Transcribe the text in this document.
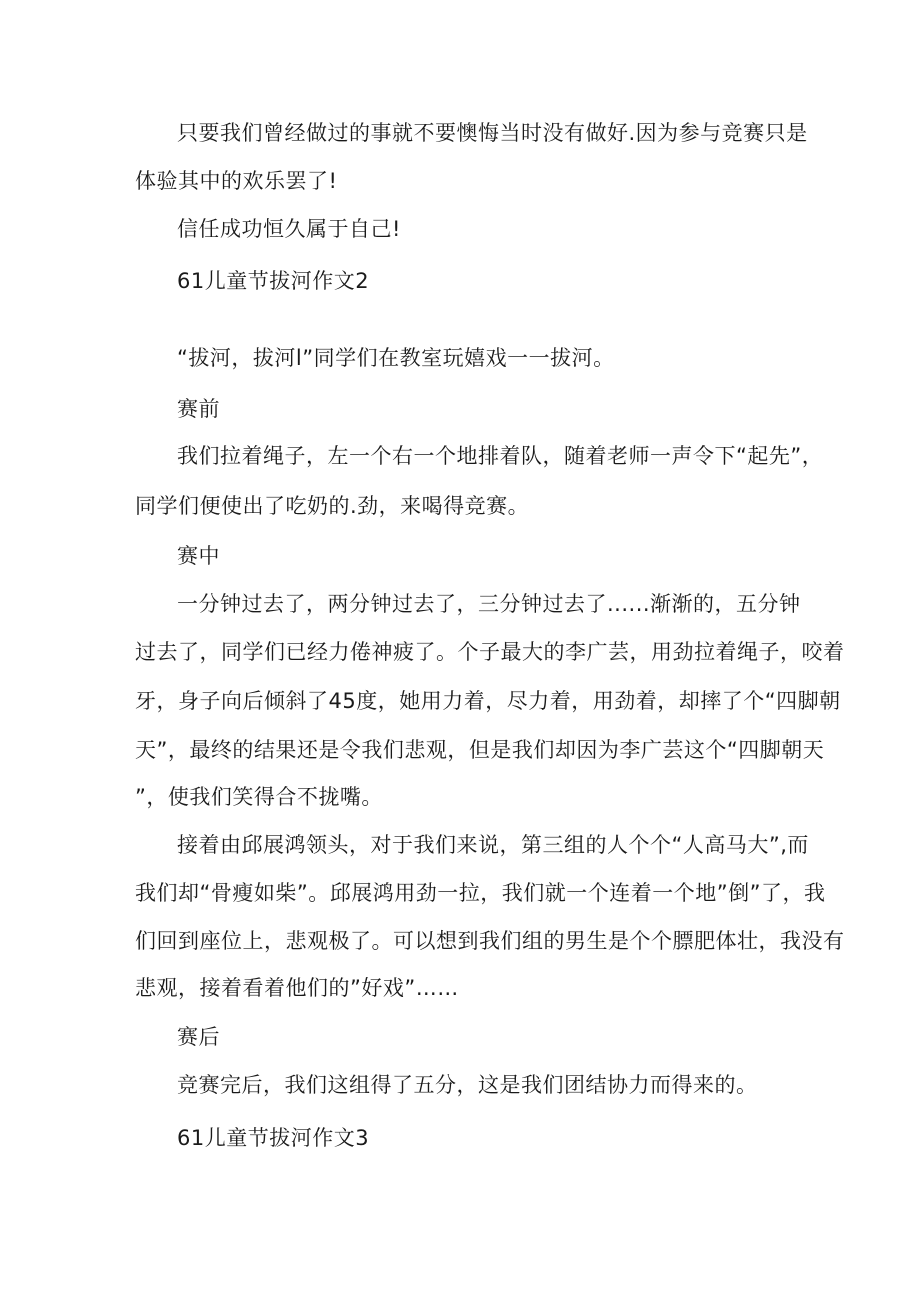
只要我们曾经做过的事就不要懊悔当时没有做好.因为参与竞赛只是
体验其中的欢乐罢了!
信任成功恒久属于自己!
61儿童节拔河作文2
“拔河，拔河l”同学们在教室玩嬉戏一一拔河。
赛前
我们拉着绳子，左一个右一个地排着队，随着老师一声令下“起先”，
同学们便使出了吃奶的.劲，来喝得竞赛。
赛中
一分钟过去了，两分钟过去了，三分钟过去了......渐渐的，五分钟
过去了，同学们已经力倦神疲了。个子最大的李广芸，用劲拉着绳子，咬着
牙，身子向后倾斜了45度，她用力着，尽力着，用劲着，却摔了个“四脚朝
天”，最终的结果还是令我们悲观，但是我们却因为李广芸这个“四脚朝天
”，使我们笑得合不拢嘴。
接着由邱展鸿领头，对于我们来说，第三组的人个个“人高马大”,而
我们却“骨瘦如柴”。邱展鸿用劲一拉，我们就一个连着一个地”倒”了，我
们回到座位上，悲观极了。可以想到我们组的男生是个个膘肥体壮，我没有
悲观，接着看着他们的”好戏”……
赛后
竞赛完后，我们这组得了五分，这是我们团结协力而得来的。
61儿童节拔河作文3
